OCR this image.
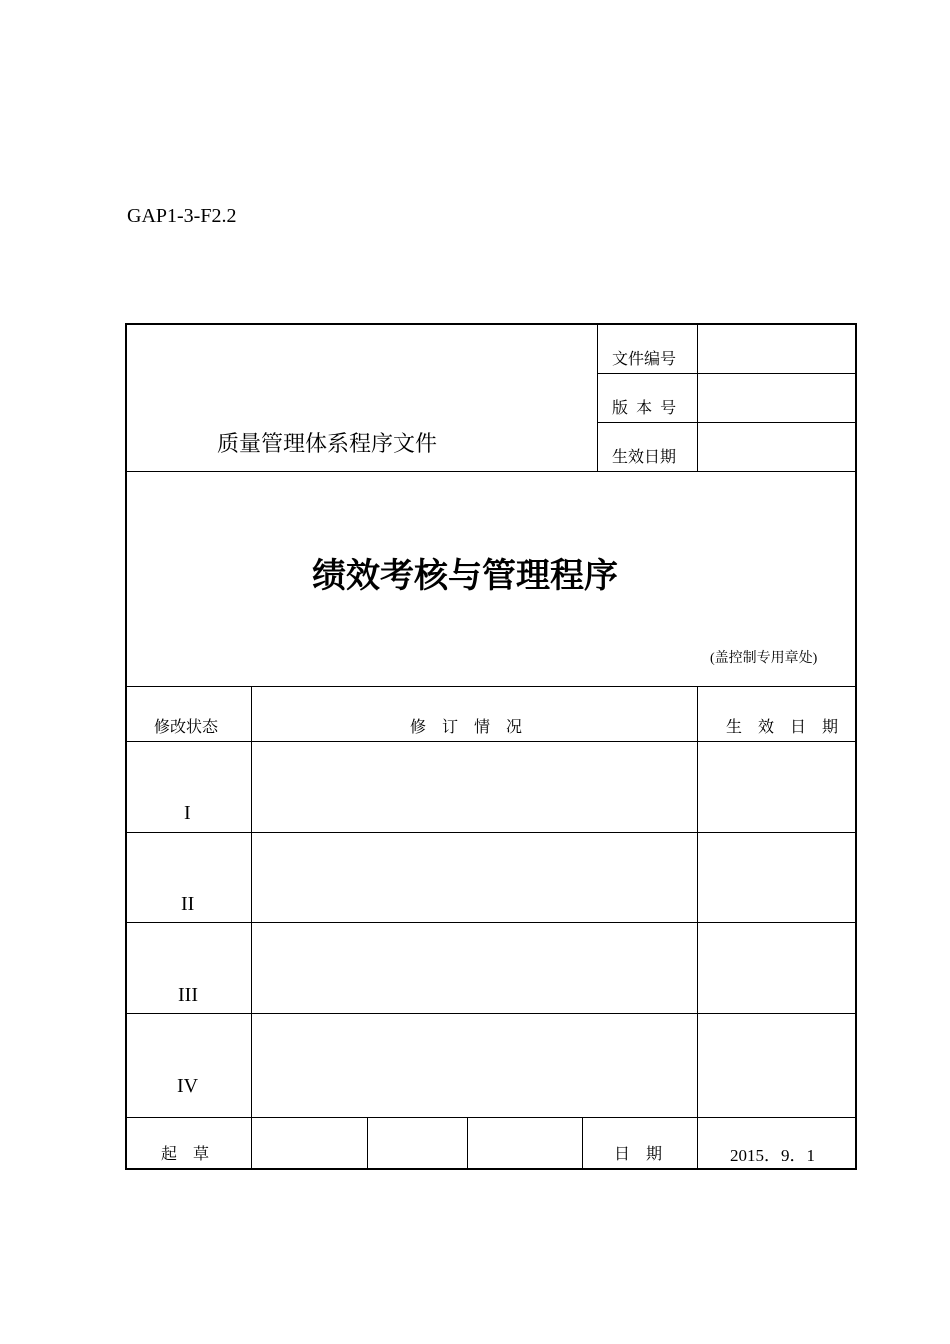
GAP1-3-F2.2
质量管理体系程序文件
文件编号
版 本 号
生效日期
绩效考核与管理程序
(盖控制专用章处)
修改状态	修　订　情　况	生　效　日　期
I
II
III
IV
起　草	日　期	2015．9．1
